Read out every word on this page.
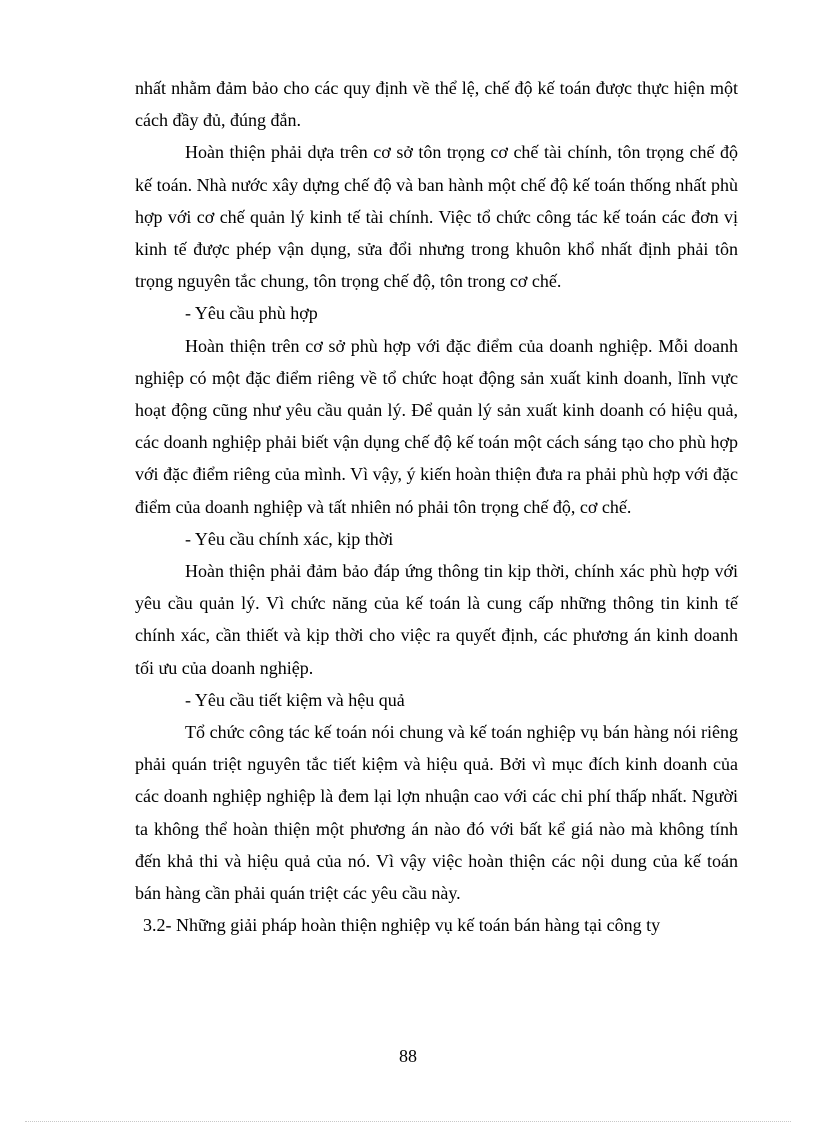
nhất nhằm đảm bảo cho các quy định về thể lệ, chế độ kế toán được thực hiện một cách đầy đủ, đúng đắn.

Hoàn thiện phải dựa trên cơ sở tôn trọng cơ chế tài chính, tôn trọng chế độ kế toán. Nhà nước xây dựng chế độ và ban hành một chế độ kế toán thống nhất phù hợp với cơ chế quản lý kinh tế tài chính. Việc tổ chức công tác kế toán các đơn vị kinh tế được phép vận dụng, sửa đổi nhưng trong khuôn khổ nhất định phải tôn trọng nguyên tắc chung, tôn trọng chế độ, tôn trong cơ chế.

- Yêu cầu phù hợp

Hoàn thiện trên cơ sở phù hợp với đặc điểm của doanh nghiệp. Mỗi doanh nghiệp có một đặc điểm riêng về tổ chức hoạt động sản xuất kinh doanh, lĩnh vực hoạt động cũng như yêu cầu quản lý. Để quản lý sản xuất kinh doanh có hiệu quả, các doanh nghiệp phải biết vận dụng chế độ kế toán một cách sáng tạo cho phù hợp với đặc điểm riêng của mình. Vì vậy, ý kiến hoàn thiện đưa ra phải phù hợp với đặc điểm của doanh nghiệp và tất nhiên nó phải tôn trọng chế độ, cơ chế.

- Yêu cầu chính xác, kịp thời

Hoàn thiện phải đảm bảo đáp ứng thông tin kịp thời, chính xác phù hợp với yêu cầu quản lý. Vì chức năng của kế toán là cung cấp những thông tin kinh tế chính xác, cần thiết và kịp thời cho việc ra quyết định, các phương án kinh doanh tối ưu của doanh nghiệp.

- Yêu cầu tiết kiệm và hệu quả

Tổ chức công tác kế toán nói chung và kế toán nghiệp vụ bán hàng nói riêng phải quán triệt nguyên tắc tiết kiệm và hiệu quả. Bởi vì mục đích kinh doanh của các doanh nghiệp nghiệp là đem lại lợn nhuận cao với các chi phí thấp nhất. Người ta không thể hoàn thiện một phương án nào đó với bất kể giá nào mà không tính đến khả thi và hiệu quả của nó. Vì vậy việc hoàn thiện các nội dung của kế toán bán hàng cần phải quán triệt các yêu cầu này.

3.2- Những giải pháp hoàn thiện nghiệp vụ kế toán bán hàng tại công ty

88
